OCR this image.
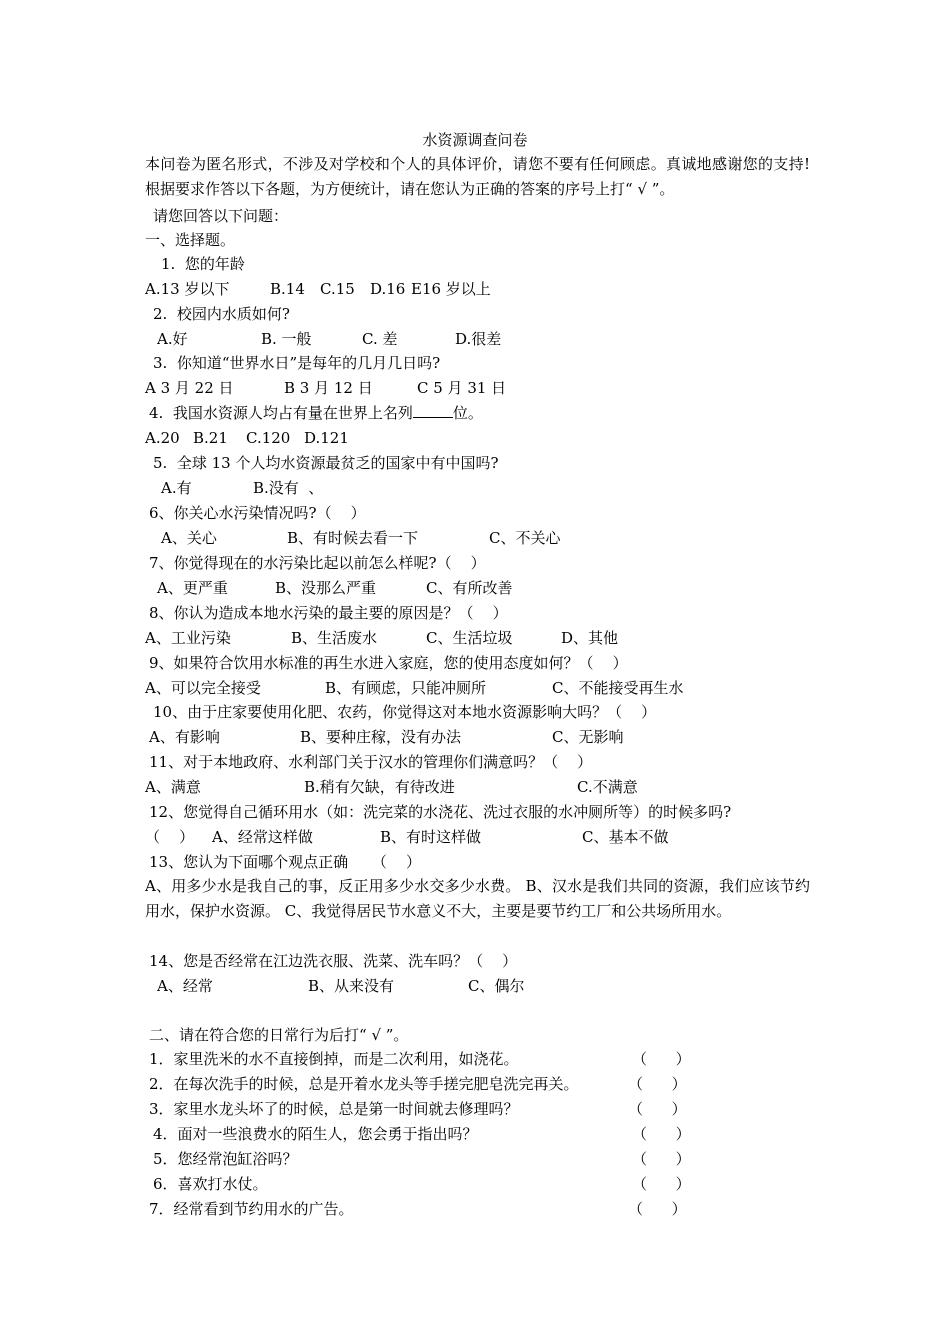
水资源调查问卷
本问卷为匿名形式，不涉及对学校和个人的具体评价，请您不要有任何顾虑。真诚地感谢您的支持!根据要求作答以下各题，为方便统计，请在您认为正确的答案的序号上打“ √ ”。
请您回答以下问题：
一、选择题。
1.  您的年龄
A.13 岁以下	B.14 C.15 D.16 E16 岁以上
2.  校园内水质如何?
A.好	B. 一般	C. 差	D.很差
3.  你知道“世界水日”是每年的几月几日吗?
A 3 月 22 日	B 3 月 12 日	C 5 月 31 日
4.  我国水资源人均占有量在世界上名列	位。
A.20 B.21 C.120 D.121
5.  全球 13 个人均水资源最贫乏的国家中有中国吗?
A.有	B.没有  、
6、你关心水污染情况吗?（    ）
A、关心	B、有时候去看一下	C、不关心
7、你觉得现在的水污染比起以前怎么样呢?（    ）
A、更严重	B、没那么严重	C、有所改善
8、你认为造成本地水污染的最主要的原因是？（    ）
A、工业污染	B、生活废水	C、生活垃圾	D、其他
9、如果符合饮用水标准的再生水进入家庭，您的使用态度如何？（    ）
A、可以完全接受	B、有顾虑，只能冲厕所	C、不能接受再生水
10、由于庄家要使用化肥、农药，你觉得这对本地水资源影响大吗？（    ）
A、有影响	B、要种庄稼，没有办法	C、无影响
11、对于本地政府、水利部门关于汉水的管理你们满意吗？（    ）
A、满意	B.稍有欠缺，有待改进	C.不满意
12、您觉得自己循环用水（如：洗完菜的水浇花、洗过衣服的水冲厕所等）的时候多吗?
（    ） A、经常这样做	B、有时这样做	C、基本不做
13、您认为下面哪个观点正确     （    ）
A、用多少水是我自己的事，反正用多少水交多少水费。 B、汉水是我们共同的资源，我们应该节约用水，保护水资源。 C、我觉得居民节水意义不大，主要是要节约工厂和公共场所用水。
14、您是否经常在江边洗衣服、洗菜、洗车吗？（    ）
A、经常	B、从来没有	C、偶尔
二、请在符合您的日常行为后打“ √ ”。
1．家里洗米的水不直接倒掉，而是二次利用，如浇花。	（      ）
2．在每次洗手的时候，总是开着水龙头等手搓完肥皂洗完再关。	（      ）
3．家里水龙头坏了的时候，总是第一时间就去修理吗？	（      ）
4．面对一些浪费水的陌生人，您会勇于指出吗？	（      ）
5．您经常泡缸浴吗？	（      ）
6．喜欢打水仗。	（      ）
7．经常看到节约用水的广告。	（      ）
